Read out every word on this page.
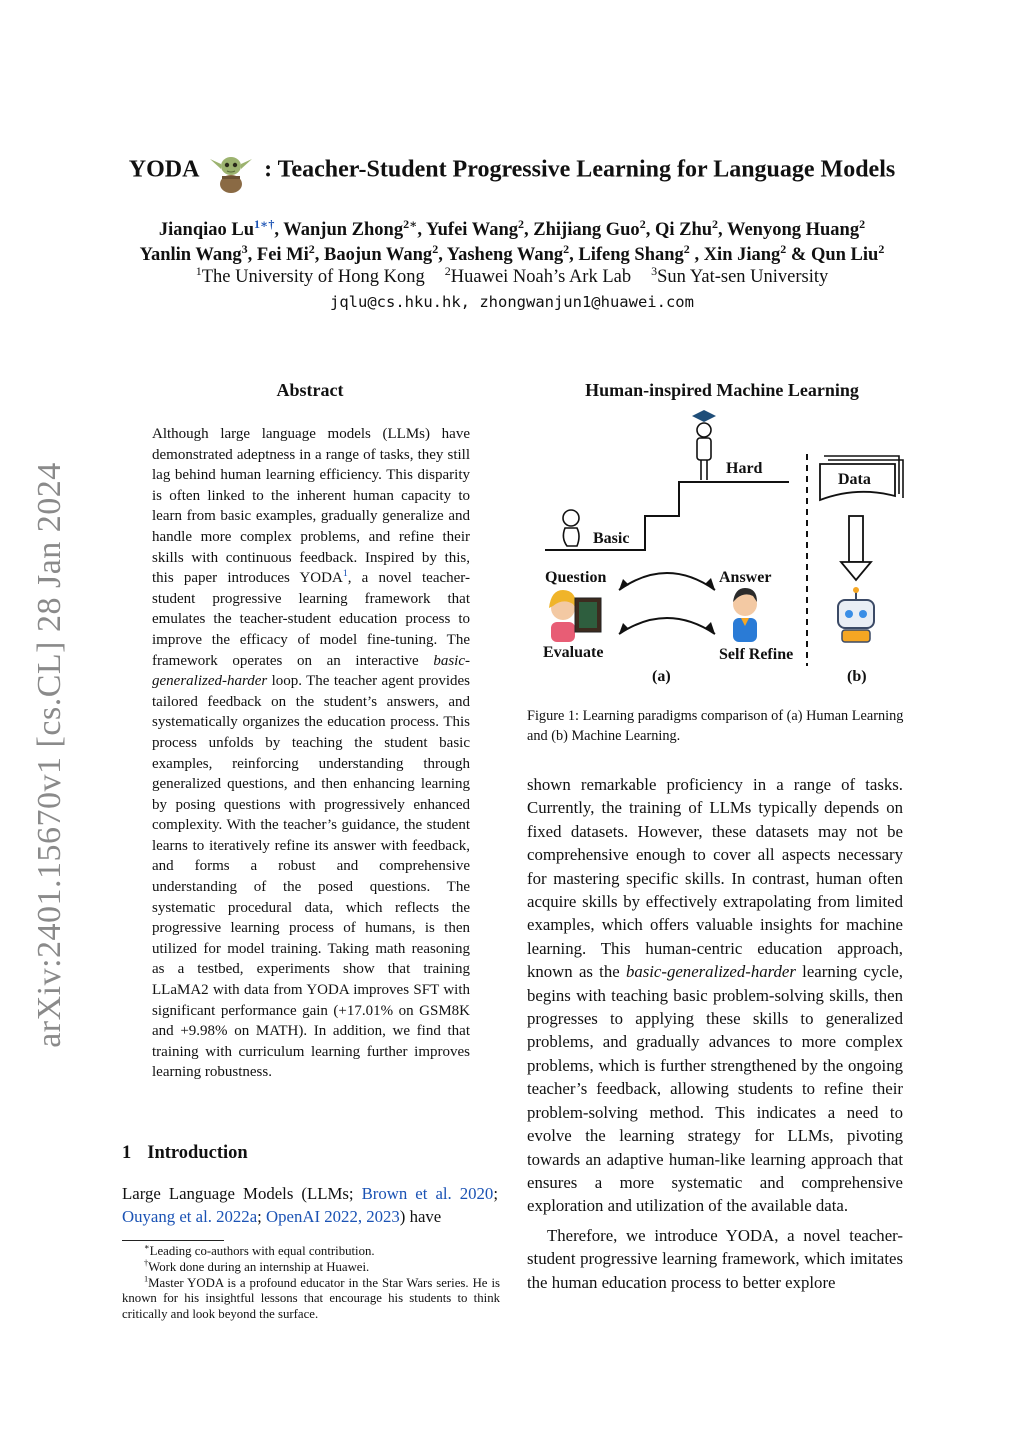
arXiv:2401.15670v1 [cs.CL] 28 Jan 2024
YODA	: Teacher-Student Progressive Learning for Language Models
Jianqiao $Lu^{1∗\dagger}$, Wanjun Zhong$^{2∗}$, Yufei Wang$^2$, Zhijiang Guo$^2$, Qi Zhu$^2$, Wenyong Huang$^2$
Yanlin Wang$^3$, Fei Mi$^2$, Baojun Wang$^2$, Yasheng Wang$^2$, Lifeng Shang$^2$ , Xin Jiang$^2$ & Qun Liu$^2$
$^1$The University of Hong Kong $^2$Huawei Noah’s Ark Lab $^3$Sun Yat-sen University
jqlu@cs.hku.hk, zhongwanjun1@huawei.com
Abstract
Although large language models (LLMs) have demonstrated adeptness in a range of tasks, they still lag behind human learning efficiency. This disparity is often linked to the inherent human capacity to learn from basic examples, gradually generalize and handle more complex problems, and refine their skills with continuous feedback. Inspired by this, this paper introduces YODA$^1$, a novel teacher-student progressive learning framework that emulates the teacher-student education process to improve the efficacy of model fine-tuning. The framework operates on an interactive basic-generalized-harder loop. The teacher agent provides tailored feedback on the student’s answers, and systematically organizes the education process. This process unfolds by teaching the student basic examples, reinforcing understanding through generalized questions, and then enhancing learning by posing questions with progressively enhanced complexity. With the teacher’s guidance, the student learns to iteratively refine its answer with feedback, and forms a robust and comprehensive understanding of the posed questions. The systematic procedural data, which reflects the progressive learning process of humans, is then utilized for model training. Taking math reasoning as a testbed, experiments show that training LLaMA2 with data from YODA improves SFT with significant performance gain (+17.01% on GSM8K and +9.98% on MATH). In addition, we find that training with curriculum learning further improves learning robustness.
1 Introduction
Large Language Models (LLMs; Brown et al. 2020; Ouyang et al. 2022a; OpenAI 2022, 2023) have
∗Leading co-authors with equal contribution.
†Work done during an internship at Huawei.
$^1$Master YODA is a profound educator in the Star Wars series. He is known for his insightful lessons that encourage his students to think critically and look beyond the surface.
Human-inspired Machine Learning
Hard
Basic
Data
Question	Answer
Evaluate	Self Refine
(a)	(b)
Figure 1: Learning paradigms comparison of (a) Human Learning and (b) Machine Learning.

shown remarkable proficiency in a range of tasks. Currently, the training of LLMs typically depends on fixed datasets. However, these datasets may not be comprehensive enough to cover all aspects necessary for mastering specific skills. In contrast, human often acquire skills by effectively extrapolating from limited examples, which offers valuable insights for machine learning. This human-centric education approach, known as the basic-generalized-harder learning cycle, begins with teaching basic problem-solving skills, then progresses to applying these skills to generalized problems, and gradually advances to more complex problems, which is further strengthened by the ongoing teacher’s feedback, allowing students to refine their problem-solving method. This indicates a need to evolve the learning strategy for LLMs, pivoting towards an adaptive human-like learning approach that ensures a more systematic and comprehensive exploration and utilization of the available data.

Therefore, we introduce YODA, a novel teacher-student progressive learning framework, which imitates the human education process to better explore
